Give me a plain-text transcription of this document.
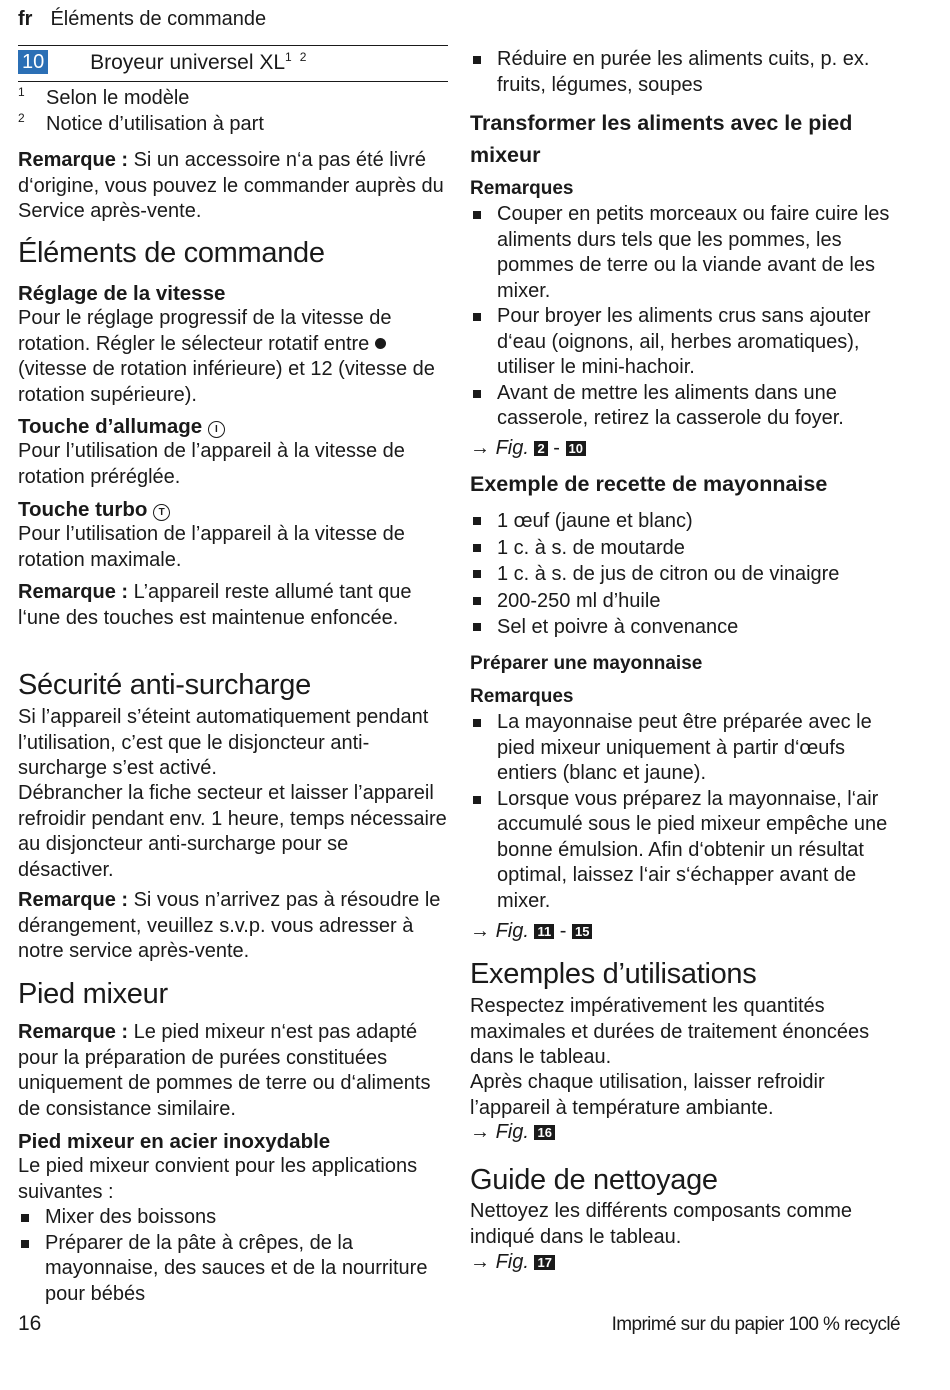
fr Éléments de commande
10 Broyeur universel $XL^1$ $^2$

$^1$ Selon le modèle

$^2$ Notice d’utilisation à part

Remarque : Si un accessoire n‘a pas été livré d‘origine, vous pouvez le commander auprès du Service après-vente.

Éléments de commande
Réglage de la vitesse

Pour le réglage progressif de la vitesse de rotation. Régler le sélecteur rotatif entre  (vitesse de rotation inférieure) et 12 (vitesse de rotation supérieure).

Touche d’allumage I

Pour l’utilisation de l’appareil à la vitesse de rotation préréglée.

Touche turbo T

Pour l’utilisation de l’appareil à la vitesse de rotation maximale.

Remarque : L’appareil reste allumé tant que l‘une des touches est maintenue enfoncée.

Sécurité anti-surcharge

Si l’appareil s’éteint automatiquement pendant l’utilisation, c’est que le disjoncteur anti-surcharge s’est activé.

Débrancher la fiche secteur et laisser l’appareil refroidir pendant env. 1 heure, temps nécessaire au disjoncteur anti-surcharge pour se désactiver.

Remarque : Si vous n’arrivez pas à résoudre le dérangement, veuillez s.v.p. vous adresser à notre service après-vente.

Pied mixeur

Remarque : Le pied mixeur n‘est pas adapté pour la préparation de purées constituées uniquement de pommes de terre ou d‘aliments de consistance similaire.

Pied mixeur en acier inoxydable

Le pied mixeur convient pour les applications suivantes :

Mixer des boissons
Préparer de la pâte à crêpes, de la mayonnaise, des sauces et de la nourriture pour bébés
Réduire en purée les aliments cuits, p. ex. fruits, légumes, soupes
Transformer les aliments avec le pied mixeur
Remarques
Couper en petits morceaux ou faire cuire les aliments durs tels que les pommes, les pommes de terre ou la viande avant de les mixer.
Pour broyer les aliments crus sans ajouter d‘eau (oignons, ail, herbes aromatiques), utiliser le mini-hachoir.
Avant de mettre les aliments dans une casserole, retirez la casserole du foyer.

→ Fig. 2 - 10

Exemple de recette de mayonnaise
1 œuf (jaune et blanc)
1 c. à s. de moutarde
1 c. à s. de jus de citron ou de vinaigre
200-250 ml d’huile
Sel et poivre à convenance
Préparer une mayonnaise
Remarques
La mayonnaise peut être préparée avec le pied mixeur uniquement à partir d‘œufs entiers (blanc et jaune).
Lorsque vous préparez la mayonnaise, l‘air accumulé sous le pied mixeur empêche une bonne émulsion. Afin d‘obtenir un résultat optimal, laissez l‘air s‘échapper avant de mixer.

→ Fig. 11 - 15

Exemples d’utilisations

Respectez impérativement les quantités maximales et durées de traitement énoncées dans le tableau.

Après chaque utilisation, laisser refroidir l’appareil à température ambiante.

→ Fig. 16

Guide de nettoyage

Nettoyez les différents composants comme indiqué dans le tableau.

→ Fig. 17

16	Imprimé sur du papier 100 % recyclé
